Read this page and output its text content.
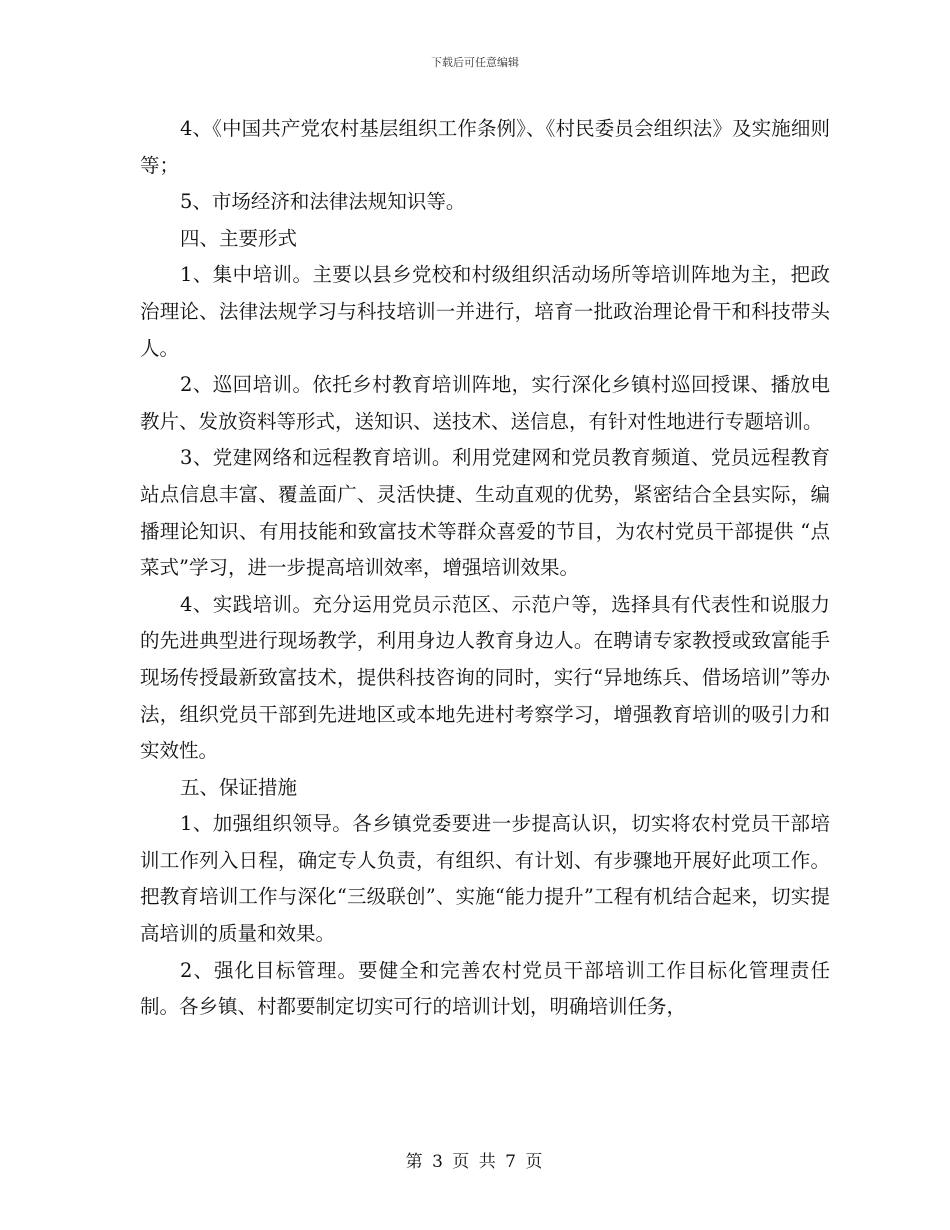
下载后可任意编辑

4、《中国共产党农村基层组织工作条例》、《村民委员会组织法》及实施细则等；

5、市场经济和法律法规知识等。

四、主要形式

1、集中培训。主要以县乡党校和村级组织活动场所等培训阵地为主，把政治理论、法律法规学习与科技培训一并进行，培育一批政治理论骨干和科技带头人。

2、巡回培训。依托乡村教育培训阵地，实行深化乡镇村巡回授课、播放电教片、发放资料等形式，送知识、送技术、送信息，有针对性地进行专题培训。

3、党建网络和远程教育培训。利用党建网和党员教育频道、党员远程教育站点信息丰富、覆盖面广、灵活快捷、生动直观的优势，紧密结合全县实际，编播理论知识、有用技能和致富技术等群众喜爱的节目，为农村党员干部提供 “点菜式”学习，进一步提高培训效率，增强培训效果。

4、实践培训。充分运用党员示范区、示范户等，选择具有代表性和说服力的先进典型进行现场教学，利用身边人教育身边人。在聘请专家教授或致富能手现场传授最新致富技术，提供科技咨询的同时，实行“异地练兵、借场培训”等办法，组织党员干部到先进地区或本地先进村考察学习，增强教育培训的吸引力和实效性。

五、保证措施

1、加强组织领导。各乡镇党委要进一步提高认识，切实将农村党员干部培训工作列入日程，确定专人负责，有组织、有计划、有步骤地开展好此项工作。把教育培训工作与深化“三级联创”、实施“能力提升”工程有机结合起来，切实提高培训的质量和效果。

2、强化目标管理。要健全和完善农村党员干部培训工作目标化管理责任制。各乡镇、村都要制定切实可行的培训计划，明确培训任务，

第 3 页 共 7 页
